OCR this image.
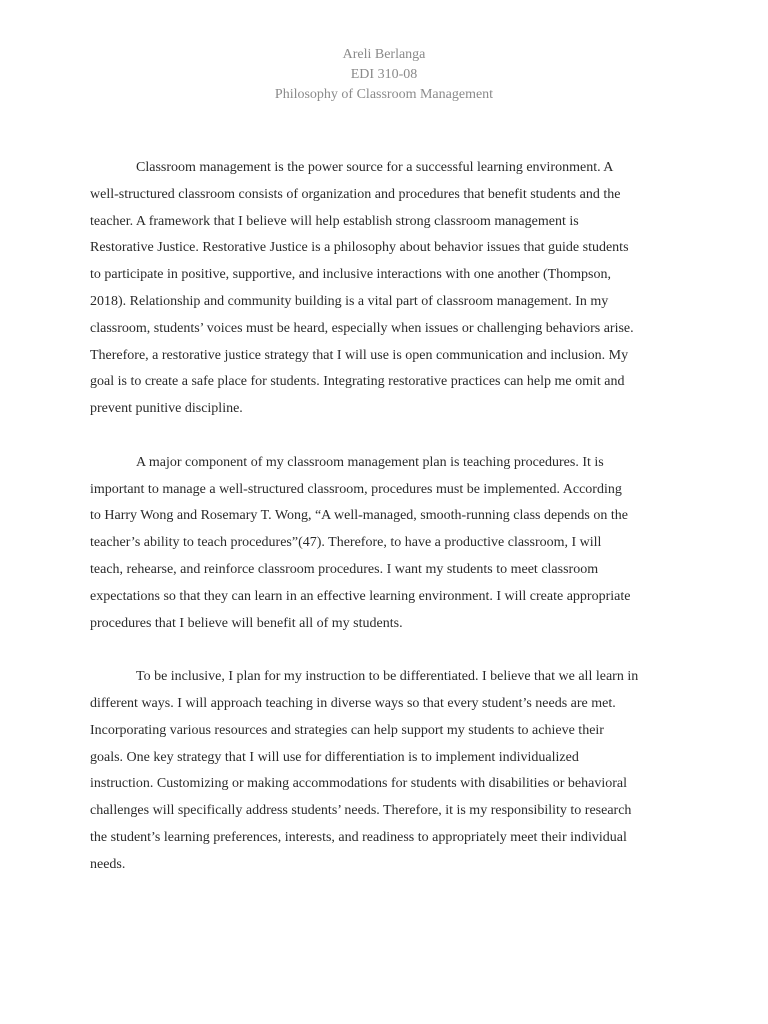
Areli Berlanga
EDI 310-08
Philosophy of Classroom Management

Classroom management is the power source for a successful learning environment. A
well-structured classroom consists of organization and procedures that benefit students and the
teacher. A framework that I believe will help establish strong classroom management is
Restorative Justice. Restorative Justice is a philosophy about behavior issues that guide students
to participate in positive, supportive, and inclusive interactions with one another (Thompson,
2018). Relationship and community building is a vital part of classroom management. In my
classroom, students’ voices must be heard, especially when issues or challenging behaviors arise.
Therefore, a restorative justice strategy that I will use is open communication and inclusion. My
goal is to create a safe place for students. Integrating restorative practices can help me omit and
prevent punitive discipline.

A major component of my classroom management plan is teaching procedures. It is
important to manage a well-structured classroom, procedures must be implemented. According
to Harry Wong and Rosemary T. Wong, “A well-managed, smooth-running class depends on the
teacher’s ability to teach procedures”(47). Therefore, to have a productive classroom, I will
teach, rehearse, and reinforce classroom procedures. I want my students to meet classroom
expectations so that they can learn in an effective learning environment. I will create appropriate
procedures that I believe will benefit all of my students.

To be inclusive, I plan for my instruction to be differentiated. I believe that we all learn in
different ways. I will approach teaching in diverse ways so that every student’s needs are met.
Incorporating various resources and strategies can help support my students to achieve their
goals. One key strategy that I will use for differentiation is to implement individualized
instruction. Customizing or making accommodations for students with disabilities or behavioral
challenges will specifically address students’ needs. Therefore, it is my responsibility to research
the student’s learning preferences, interests, and readiness to appropriately meet their individual
needs.
